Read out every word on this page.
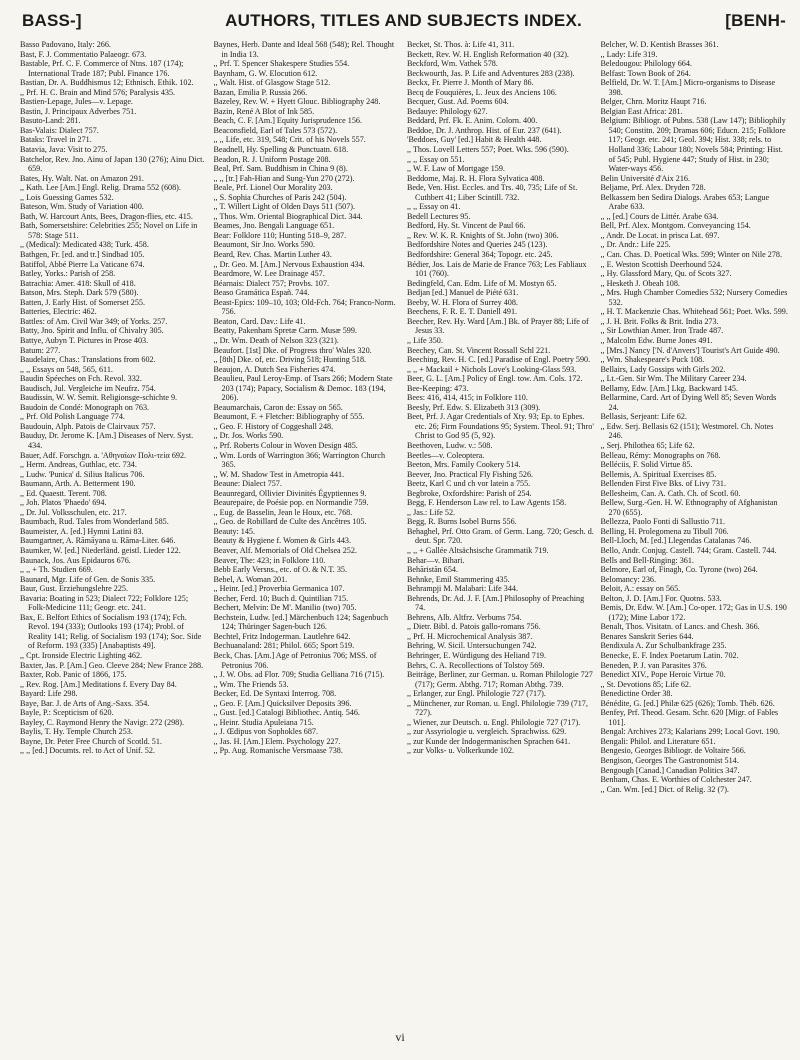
BASS-]	AUTHORS, TITLES AND SUBJECTS INDEX.	[BENH-

Basso Padovano, Italy: 266.

Bast, F. J. Commentatio Palaeogr. 673.

Bastable, Prf. C. F. Commerce of Ntns. 187 (174); International Trade 187; Publ. Finance 176.

Bastian, Dr. A. Buddhismus 12; Ethnisch. Ethik. 102.

,, Prf. H. C. Brain and Mind 576; Paralysis 435.

Bastien-Lepage, Jules—v. Lepage.

Bastin, J. Principaux Adverbes 751.

Basuto-Land: 281.

Bas-Valais: Dialect 757.

Bataks: Travel in 271.

Batavia, Java: Visit to 275.

Batchelor, Rev. Jno. Ainu of Japan 130 (276); Ainu Dict. 659.

Bates, Hy. Walt. Nat. on Amazon 291.

,, Kath. Lee [Am.] Engl. Relig. Drama 552 (608).

,, Lois Guessing Games 532.

Bateson, Wm. Study of Variation 400.

Bath, W. Harcourt Ants, Bees, Dragon-flies, etc. 415.

Bath, Somersetshire: Celebrities 255; Novel on Life in 578: Stage 511.

,, (Medical): Medicated 438; Turk. 458.

Bathgen, Fr. [ed. and tr.] Sindbad 105.

Batiffol, Abbé Pierre La Vaticane 674.

Batley, Yorks.: Parish of 258.

Batrachia: Amer. 418: Skull of 418.

Batson, Mrs. Steph. Dark 579 (580).

Batten, J. Early Hist. of Somerset 255.

Batteries, Electric: 462.

Battles: of Am. Civil War 349; of Yorks. 257.

Batty, Jno. Spirit and Influ. of Chivalry 305.

Battye, Aubyn T. Pictures in Prose 403.

Batum: 277.

Baudelaire, Chas.: Translations from 602.

,, ,, Essays on 548, 565, 611.

Baudin Spéeches on Fch. Revol. 332.

Baudisch, Jul. Vergleiche im Neufrz. 754.

Baudissin, W. W. Semit. Religionsge-schichte 9.

Baudoin de Condé: Monograph on 763.

,, Prf. Old Polish Language 774.

Baudouin, Alph. Patois de Clairvaux 757.

Bauduy, Dr. Jerome K. [Am.] Diseases of Nerv. Syst. 434.

Bauer, Adf. Forschgn. a. 'Αθηναίων Πολι-τεία 692.

,, Herm. Andreas, Guthlac, etc. 734.

,, Ludw. 'Punica' d. Silius Italicus 706.

Baumann, Arth. A. Betterment 190.

,, Ed. Quaestt. Terent. 708.

,, Joh. Platos 'Phaedo' 694.

,, Dr. Jul. Volksschulen, etc. 217.

Baumbach, Rud. Tales from Wonderland 585.

Baumeister, A. [ed.] Hymni Latini 83.

Baumgartner, A. Rāmāyana u. Rāma-Liter. 646.

Baumker, W. [ed.] Niederländ. geistl. Lieder 122.

Baunack, Jos. Aus Epidauros 676.

,, ,, + Th. Studien 669.

Baunard, Mgr. Life of Gen. de Sonis 335.

Baur, Gust. Erziehungslehre 225.

Bavaria: Boating in 523; Dialect 722; Folklore 125; Folk-Medicine 111; Geogr. etc. 241.

Bax, E. Belfort Ethics of Socialism 193 (174); Fch. Revol. 194 (333); Outlooks 193 (174); Probl. of Reality 141; Relig. of Socialism 193 (174); Soc. Side of Reform. 193 (335) [Anabaptists 49].

,, Cpt. Ironside Electric Lighting 462.

Baxter, Jas. P. [Am.] Geo. Cleeve 284; New France 288.

Baxter, Rob. Panic of 1866, 175.

,, Rev. Rog. [Am.] Meditations f. Every Day 84.

Bayard: Life 298.

Baye, Bar. J. de Arts of Ang.-Saxs. 354.

Bayle, P.: Scepticism of 620.

Bayley, C. Raymond Henry the Navigr. 272 (298).

Baylis, T. Hy. Temple Church 253.

Bayne, Dr. Peter Free Church of Scotld. 51.

,, ,, [ed.] Documts. rel. to Act of Unif. 52.

Baynes, Herb. Dante and Ideal 568 (548); Rel. Thought in India 13.

,, Prf. T. Spencer Shakespere Studies 554.

Baynham, G. W. Elocution 612.

,, Walt. Hist. of Glasgow Stage 512.

Bazan, Emilia P. Russia 266.

Bazeley, Rev. W. + Hyett Glouc. Bibliography 248.

Bazin, René A Blot of Ink 585.

Beach, C. F. [Am.] Equity Jurisprudence 156.

Beaconsfield, Earl of Tales 573 (572).

,, ,, Life, etc. 319, 548; Crit. of his Novels 557.

Beadnell, Hy. Spelling & Punctuatn. 618.

Beadon, R. J. Uniform Postage 208.

Beal, Prf. Sam. Buddhism in China 9 (8).

,, ,, [tr.] Fah-Hian and Sung-Yun 270 (272).

Beale, Prf. Lionel Our Morality 203.

,, S. Sophia Churches of Paris 242 (504).

,, T. Willert Light of Olden Days 511 (507).

,, Thos. Wm. Oriental Biographical Dict. 344.

Beames, Jno. Bengali Language 651.

Bear: Folklore 110; Hunting 518–9, 287.

Beaumont, Sir Jno. Works 590.

Beard, Rev. Chas. Martin Luther 43.

,, Dr. Geo. M. [Am.] Nervous Exhaustion 434.

Beardmore, W. Lee Drainage 457.

Béarnais: Dialect 757; Provbs. 107.

Beaso Gramática Españ. 744.

Beast-Epics: 109–10, 103; Old-Fch. 764; Franco-Norm. 756.

Beaton, Card. Dav.: Life 41.

Beatty, Pakenham Spretæ Carm. Musæ 599.

,, Dr. Wm. Death of Nelson 323 (321).

Beaufort. [1st] Dke. of Progress thro' Wales 320.

,, [8th] Dke. of, etc. Driving 518; Hunting 518.

Beaujon, A. Dutch Sea Fisheries 474.

Beaulieu, Paul Leroy-Emp. of Tsars 266; Modern State 203 (174); Papacy, Socialism & Democ. 183 (194, 206).

Beaumarchais, Caron de: Essay on 565.

Beaumont, F. + Fletcher: Bibliography of 555.

,, Geo. F. History of Coggeshall 248.

,, Dr. Jos. Works 590.

,, Prf. Roberts Colour in Woven Design 485.

,, Wm. Lords of Warrington 366; Warrington Church 365.

,, W. M. Shadow Test in Ametropia 441.

Beaune: Dialect 757.

Beaunregard, Ollivier Divinités Égyptiennes 9.

Beaurepaire, de Poésie pop. en Normandie 759.

,, Eug. de Basselin, Jean le Houx, etc. 768.

,, Geo. de Robillard de Culte des Ancêtres 105.

Beauty: 145.

Beauty & Hygiene f. Women & Girls 443.

Beaver, Alf. Memorials of Old Chelsea 252.

Beaver, The: 423; in Folklore 110.

Bebb Early Versns., etc. of O. & N.T. 35.

Bebel, A. Woman 201.

,, Heinr. [ed.] Proverbia Germanica 107.

Becher, Ferd. 10; Buch d. Quintilian 715.

Bechert, Melvin: De M'. Manilio (two) 705.

Bechstein, Ludw. [ed.] Märchenbuch 124; Sagenbuch 124; Thüringer Sagen-buch 126.

Bechtel, Fritz Indogerman. Lautlehre 642.

Bechuanaland: 281; Philol. 665; Sport 519.

Beck, Chas. [Am.] Age of Petronius 706; MSS. of Petronius 706.

,, J. W. Obs. ad Flor. 709; Studia Gelliana 716 (715).

,, Wm. The Friends 53.

Becker, Ed. De Syntaxi Interrog. 708.

,, Geo. F. [Am.] Quicksilver Deposits 396.

,, Gust. [ed.] Catalogi Bibliothec. Antiq. 546.

,, Heinr. Studia Apuleiana 715.

,, J. Œdipus von Sophokles 687.

,, Jas. H. [Am.] Elem. Psychology 227.

,, Pp. Aug. Romanische Versmaase 738.

Becket, St. Thos. à: Life 41, 311.

Beckett, Rev. W. H. English Reformation 40 (32).

Beckford, Wm. Vathek 578.

Beckwourth, Jas. P. Life and Adventures 283 (238).

Beckx, Fr. Pierre J. Month of Mary 86.

Becq de Fouquières, L. Jeux des Anciens 106.

Becquer, Gust. Ad. Poems 604.

Bedauye: Philology 627.

Beddard, Prf. Fk. E. Anim. Colorn. 400.

Beddoe, Dr. J. Anthrop. Hist. of Eur. 237 (641).

'Beddoes, Guy' [ed.] Habit & Health 448.

,, Thos. Lovell Letters 557; Poet. Wks. 596 (590).

,, ,, Essay on 551.

,, W. F. Law of Mortgage 159.

Beddome, Maj. R. H. Flora Sylvatica 408.

Bede, Ven. Hist. Eccles. and Trs. 40, 735; Life of St. Cuthbert 41; Liber Scintill. 732.

,, ,, Essay on 41.

Bedell Lectures 95.

Bedford, Hy. St. Vincent de Paul 66.

,, Rev. W. K. R. Knights of St. John (two) 306.

Bedfordshire Notes and Queries 245 (123).

Bedfordshire: General 364; Topogr. etc. 245.

Bédier, Jos. Lais de Marie de France 763; Les Fabliaux 101 (760).

Bedingfeld, Can. Edm. Life of M. Mostyn 65.

Bedjan [ed.] Manuel de Piété 631.

Beeby, W. H. Flora of Surrey 408.

Beechens, F. R. E. T. Daniell 491.

Beecher, Rev. Hy. Ward [Am.] Bk. of Prayer 88; Life of Jesus 33.

,, Life 350.

Beechey, Can. St. Vincent Rossall Schl 221.

Beeching, Rev. H. C. [ed.] Paradise of Engl. Poetry 590.

,, ,, + Mackail + Nichols Love's Looking-Glass 593.

Beer, G. L. [Am.] Policy of Engl. tow. Am. Cols. 172.

Bee-Keeping: 473.

Bees: 416, 414, 415; in Folklore 110.

Beesly, Prf. Edw. S. Elizabeth 313 (309).

Beet, Prf. J. Agar Credentials of Xty. 93; Ep. to Ephes. etc. 26; Firm Foundations 95; System. Theol. 91; Thro' Christ to God 95 (5, 92).

Beethoven, Ludw. v.: 508.

Beetles—v. Coleoptera.

Beeton, Mrs. Family Cookery 514.

Beever, Jno. Practical Fly Fishing 526.

Beetz, Karl C und ch vor latein a 755.

Begbroke, Oxfordshire: Parish of 254.

Begg, F. Henderson Law rel. to Law Agents 158.

,, Jas.: Life 52.

Begg, R. Burns Isobel Burns 556.

Behaghel, Prf. Otto Gram. of Germ. Lang. 720; Gesch. d. deut. Spr. 720.

,, ,, + Gallée Altsächsische Grammatik 719.

Behar—v. Bihari.

Behāristān 654.

Behnke, Emil Stammering 435.

Behrampji M. Malabari: Life 344.

Behrends, Dr. Ad. J. F. [Am.] Philosophy of Preaching 74.

Behrens, Alb. Altfrz. Verbums 754.

,, Dietr. Bibl. d. Patois gallo-romans 756.

,, Prf. H. Microchemical Analysis 387.

Behring, W. Sicil. Untersuchungen 742.

Behringer, E. Würdigung des Heliand 719.

Behrs, C. A. Recollections of Tolstoy 569.

Beiträge, Berliner, zur German. u. Roman Philologie 727 (717); Germ. Abthg. 717; Roman Abthg. 739.

,, Erlanger, zur Engl. Philologie 727 (717).

,, Münchener, zur Roman. u. Engl. Philologie 739 (717, 727).

,, Wiener, zur Deutsch. u. Engl. Philologie 727 (717).

,, zur Assyriologie u. vergleich. Sprachwiss. 629.

,, zur Kunde der Indogermanischen Sprachen 641.

,, zur Volks- u. Volkerkunde 102.

Belcher, W. D. Kentish Brasses 361.

,, Lady: Life 319.

Beledougou: Philology 664.

Belfast: Town Book of 264.

Belfield, Dr. W. T. [Am.] Micro-organisms to Disease 398.

Belger, Chrn. Moritz Haupt 716.

Belgian East Africa: 281.

Belgium: Bibliogr. of Pubns. 538 (Law 147); Bibliophily 540; Constitn. 209; Dramas 606; Educn. 215; Folklore 117; Geogr. etc. 241; Geol. 394; Hist. 338; rels. to Holland 336; Labour 180; Novels 584; Printing: Hist. of 545; Publ. Hygiene 447; Study of Hist. in 230; Water-ways 456.

Belin Université d'Aix 216.

Beljame, Prf. Alex. Dryden 728.

Belkassem ben Sedira Dialogs. Arabes 653; Langue Arabe 633.

,, ,, [ed.] Cours de Littér. Arabe 634.

Bell, Prf. Alex. Montgom. Conveyancing 154.

,, Andr. De Locat. in prisca Lat. 697.

,, Dr. Andr.: Life 225.

,, Can. Chas. D. Poetical Wks. 599; Winter on Nile 278.

,, E. Weston Scottish Deerhound 524.

,, Hy. Glassford Mary, Qu. of Scots 327.

,, Hesketh J. Obeah 108.

,, Mrs. Hugh Chamber Comedies 532; Nursery Comedies 532.

,, H. T. Mackenzie Chas. Whitehead 561; Poet. Wks. 599.

,, J. H. Brit. Folks & Brit. India 273.

,, Sir Lowthian Amer. Iron Trade 487.

,, Malcolm Edw. Burne Jones 491.

,, [Mrs.] Nancy ['N. d'Anvers'] Tourist's Art Guide 490.

,, Wm. Shakespeare's Puck 108.

Bellairs, Lady Gossips with Girls 202.

,, Lt.-Gen. Sir Wm. The Military Career 234.

Bellamy, Edw. [Am.] Lkg. Backward 145.

Bellarmine, Card. Art of Dying Well 85; Seven Words 24.

Bellasis, Serjeant: Life 62.

,, Edw. Serj. Bellasis 62 (151); Westmorel. Ch. Notes 246.

,, Serj. Philothea 65; Life 62.

Belleau, Rémy: Monographs on 768.

Belléciis, F. Solid Virtue 85.

Bellemis, A. Spiritual Exercises 85.

Bellenden First Five Bks. of Livy 731.

Bellesheim, Can. A. Cath. Ch. of Scotl. 60.

Bellew, Surg.-Gen. H. W. Ethnography of Afghanistan 270 (655).

Bellezza, Paolo Fonti di Sallustio 711.

Belling, H. Prolegomena zu Tibull 706.

Bell-Lloch, M. [ed.] Llegendas Catalanas 746.

Bello, Andr. Conjug. Castell. 744; Gram. Castell. 744.

Bells and Bell-Ringing: 361.

Belmore, Earl of, Finagh, Co. Tyrone (two) 264.

Belomancy: 236.

Beloit, A.: essay on 565.

Belton, J. D. [Am.] For. Quotns. 533.

Bemis, Dr. Edw. W. [Am.] Co-oper. 172; Gas in U.S. 190 (172); Mine Labor 172.

Benalt, Thos. Visitatn. of Lancs. and Chesh. 366.

Benares Sanskrit Series 644.

Bendixula A. Zur Schulbankfrage 235.

Benecke, E. F. Index Poetarum Latin. 702.

Beneden, P. J. van Parasites 376.

Benedict XIV., Pope Heroic Virtue 70.

,, St. Devotions 85; Life 62.

Benedictine Order 38.

Bénédite, G. [ed.] Philæ 625 (626); Tomb. Théb. 626.

Benfey, Prf. Theod. Gesam. Schr. 620 [Migr. of Fables 101].

Bengal: Archives 273; Kalarians 299; Local Govt. 190.

Bengali: Philol. and Literature 651.

Bengesio, Georges Bibliogr. de Voltaire 566.

Bengison, Georges The Gastronomist 514.

Bengough [Canad.] Canadian Politics 347.

Benham, Chas. E. Worthies of Colchester 247.

,, Can. Wm. [ed.] Dict. of Relig. 32 (7).

vi
